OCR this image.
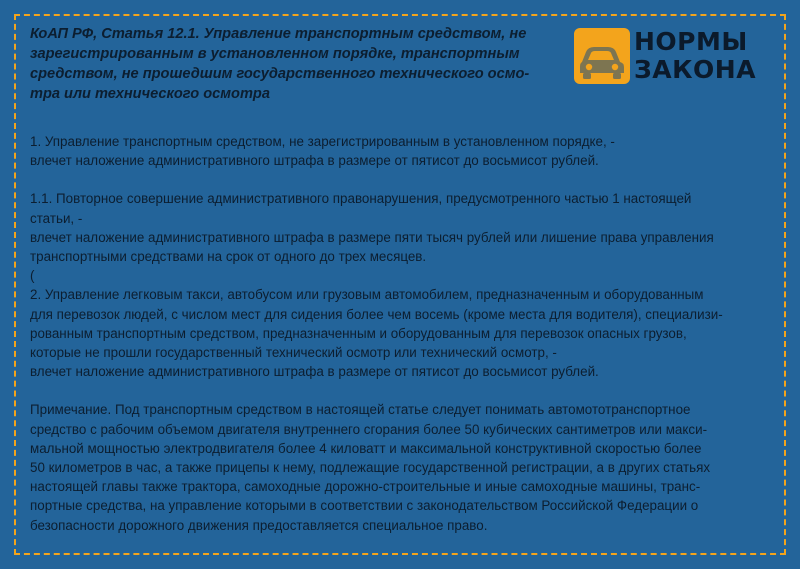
КоАП РФ, Статья 12.1. Управление транспортным средством, не
зарегистрированным в установленном порядке, транспортным
средством, не прошедшим государственного технического осмо-
тра или технического осмотра
НОРМЫ
ЗАКОНА

1. Управление транспортным средством, не зарегистрированным в установленном порядке, -
влечет наложение административного штрафа в размере от пятисот до восьмисот рублей.

1.1. Повторное совершение административного правонарушения, предусмотренного частью 1 настоящей
статьи, -
влечет наложение административного штрафа в размере пяти тысяч рублей или лишение права управления
транспортными средствами на срок от одного до трех месяцев.
(
2. Управление легковым такси, автобусом или грузовым автомобилем, предназначенным и оборудованным
для перевозок людей, с числом мест для сидения более чем восемь (кроме места для водителя), специализи-
рованным транспортным средством, предназначенным и оборудованным для перевозок опасных грузов,
которые не прошли государственный технический осмотр или технический осмотр, -
влечет наложение административного штрафа в размере от пятисот до восьмисот рублей.

Примечание. Под транспортным средством в настоящей статье следует понимать автомототранспортное
средство с рабочим объемом двигателя внутреннего сгорания более 50 кубических сантиметров или макси-
мальной мощностью электродвигателя более 4 киловатт и максимальной конструктивной скоростью более
50 километров в час, а также прицепы к нему, подлежащие государственной регистрации, а в других статьях
настоящей главы также трактора, самоходные дорожно-строительные и иные самоходные машины, транс-
портные средства, на управление которыми в соответствии с законодательством Российской Федерации о
безопасности дорожного движения предоставляется специальное право.
